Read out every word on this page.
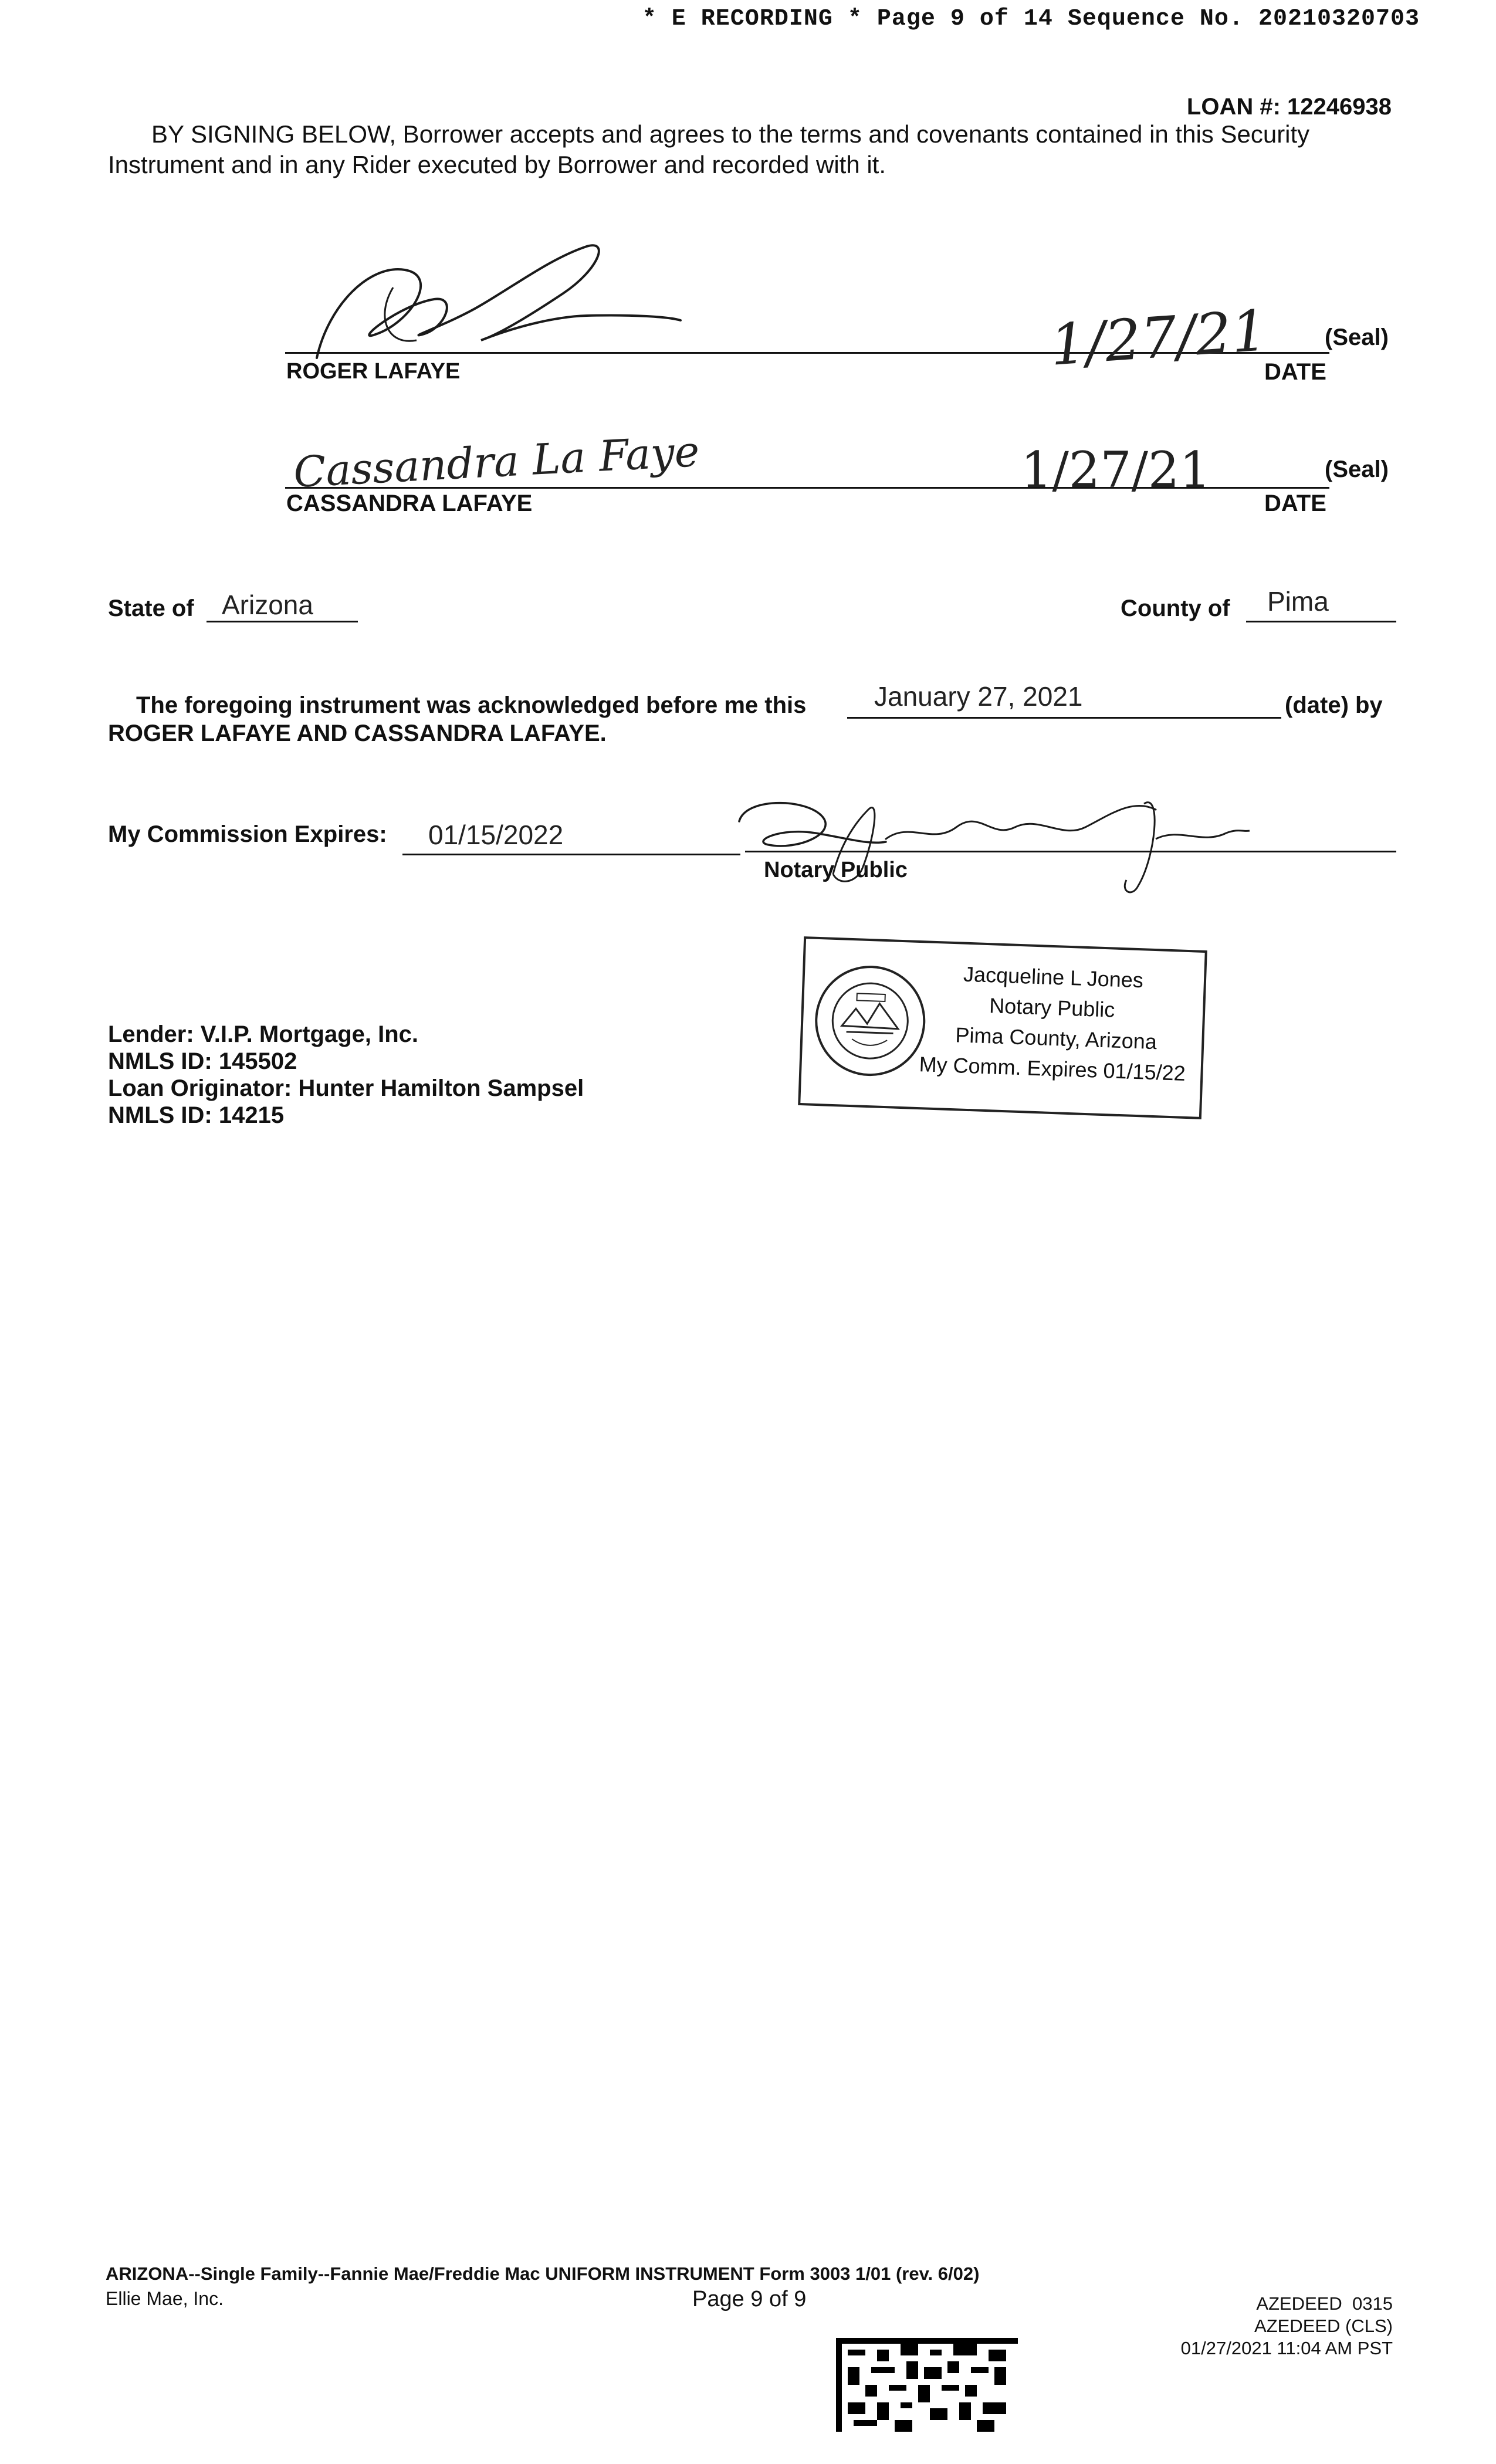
* E RECORDING * Page 9 of 14 Sequence No. 20210320703
LOAN #: 12246938
BY SIGNING BELOW, Borrower accepts and agrees to the terms and covenants contained in this Security Instrument and in any Rider executed by Borrower and recorded with it.
1/27/21 (Seal)
ROGER LAFAYE	DATE
Cassandra La Faye	1/27/21	(Seal)
CASSANDRA LAFAYE	DATE
State of Arizona	County of Pima
The foregoing instrument was acknowledged before me this	January 27, 2021	(date) by
ROGER LAFAYE AND CASSANDRA LAFAYE.
My Commission Expires: 01/15/2022
Notary Public
Jacqueline L Jones
Notary Public
Pima County, Arizona
My Comm. Expires 01/15/22
Lender: V.I.P. Mortgage, Inc.
NMLS ID: 145502
Loan Originator: Hunter Hamilton Sampsel
NMLS ID: 14215
ARIZONA--Single Family--Fannie Mae/Freddie Mac UNIFORM INSTRUMENT Form 3003 1/01 (rev. 6/02)
Ellie Mae, Inc.	Page 9 of 9	AZEDEED  0315
AZEDEED (CLS)
01/27/2021 11:04 AM PST
